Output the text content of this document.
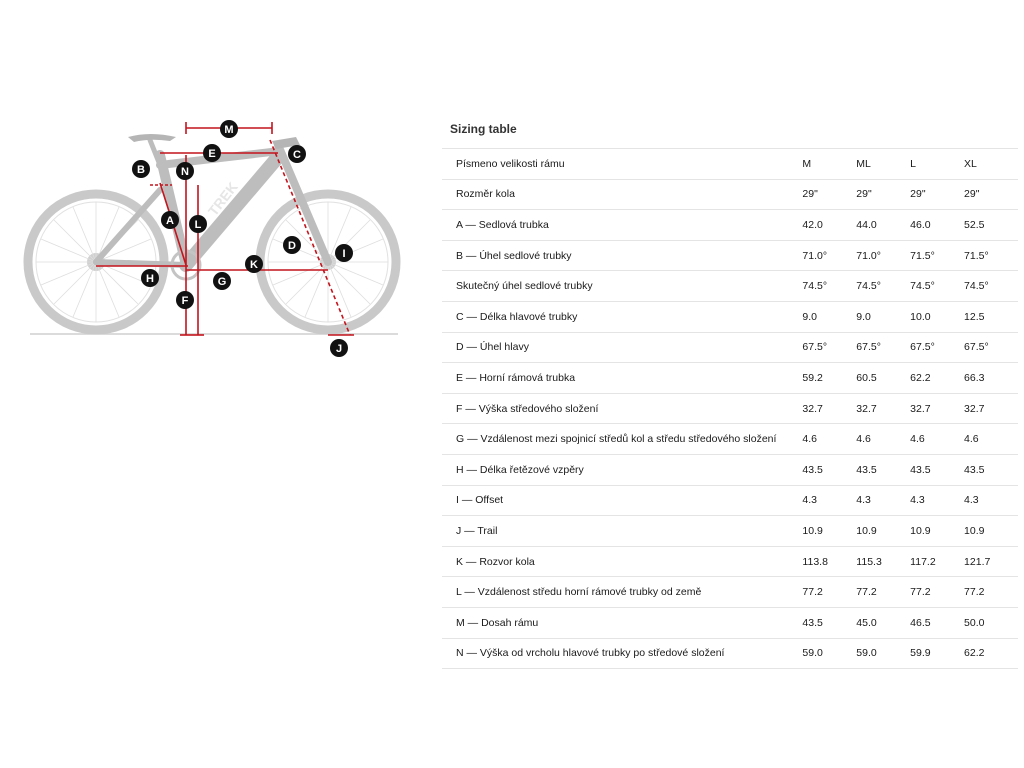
TREK
M
E	C
B	N
A L
D
I
H
K
G
F
J
Sizing table
Písmeno velikosti rámu	M	ML	L	XL
Rozměr kola	29"	29"	29"	29"
A — Sedlová trubka	42.0	44.0	46.0	52.5
B — Úhel sedlové trubky	71.0°	71.0°	71.5°	71.5°
Skutečný úhel sedlové trubky	74.5°	74.5°	74.5°	74.5°
C — Délka hlavové trubky	9.0	9.0	10.0	12.5
D — Úhel hlavy	67.5°	67.5°	67.5°	67.5°
E — Horní rámová trubka	59.2	60.5	62.2	66.3
F — Výška středového složení	32.7	32.7	32.7	32.7
G — Vzdálenost mezi spojnicí středů kol a středu středového složení	4.6	4.6	4.6	4.6
H — Délka řetězové vzpěry	43.5	43.5	43.5	43.5
I — Offset	4.3	4.3	4.3	4.3
J — Trail	10.9	10.9	10.9	10.9
K — Rozvor kola	113.8	115.3	117.2	121.7
L — Vzdálenost středu horní rámové trubky od země	77.2	77.2	77.2	77.2
M — Dosah rámu	43.5	45.0	46.5	50.0
N — Výška od vrcholu hlavové trubky po středové složení	59.0	59.0	59.9	62.2
